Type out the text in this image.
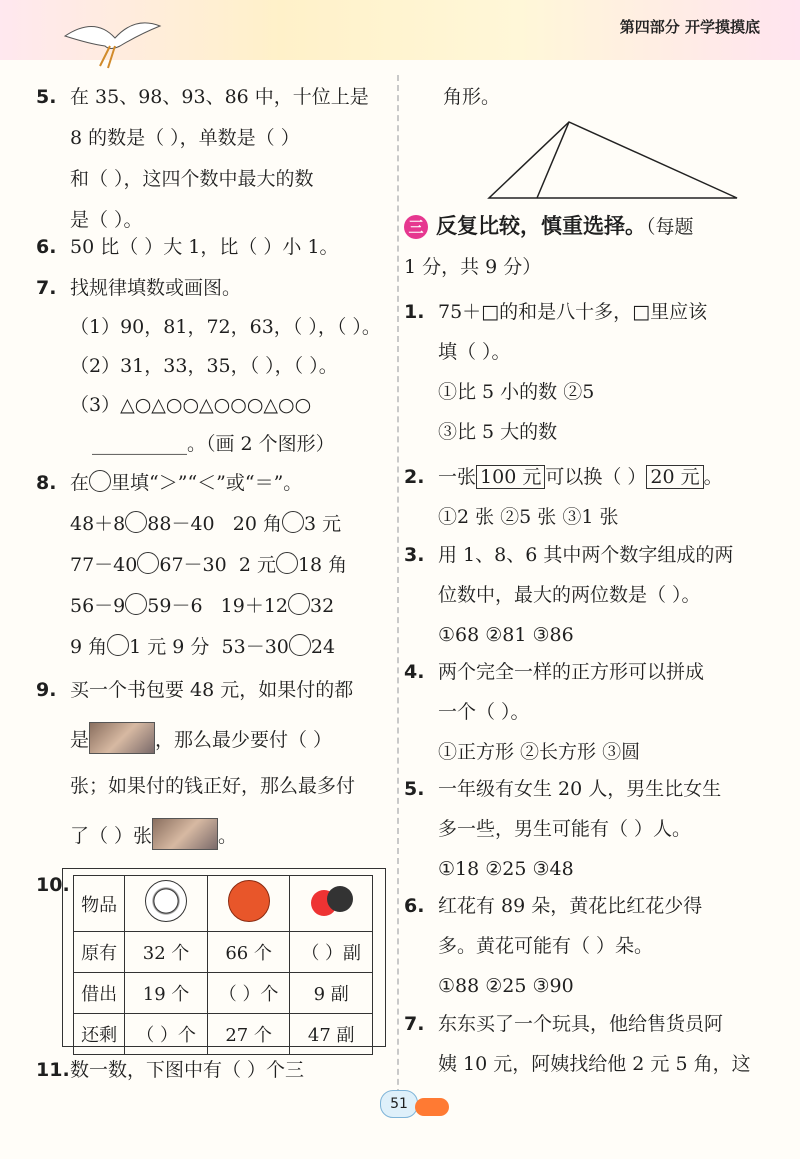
第四部分 开学摸摸底
5. 在 35、98、93、86 中，十位上是
8 的数是（ ），单数是（ ）
和（ ），这四个数中最大的数
是（ ）。
6. 50 比（ ）大 1，比（ ）小 1。
7. 找规律填数或画图。
（1）90，81，72，63，（ ），（ ）。
（2）31，33，35，（ ），（ ）。
（3）△○△○○△○○○△○○
__________。（画 2 个图形）
8. 在 里填“＞”“＜”或“＝”。
48＋8 88－40 20 角 3 元
77－40 67－30 2 元 18 角
56－9 59－6 19＋12 32
9 角 1 元 9 分 53－30 24
9. 买一个书包要 48 元，如果付的都
是	，那么最少要付（ ）
张；如果付的钱正好，那么最多付
了（ ）张	。
10.
物品			

原有	32 个	66 个	（ ）副
借出	19 个	（ ）个	9 副
还剩	（ ）个	27 个	47 副
11.数一数，下图中有（ ）个三
角形。
三 反复比较，慎重选择。（每题
1 分，共 9 分）
1. 75＋□的和是八十多，□里应该
填（ ）。
①比 5 小的数 ②5
③比 5 大的数
2. 一张 100 元 可以换（ ） 20 元 。
①2 张 ②5 张 ③1 张
3. 用 1、8、6 其中两个数字组成的两
位数中，最大的两位数是（ ）。
①68 ②81 ③86
4. 两个完全一样的正方形可以拼成
一个（ ）。
①正方形 ②长方形 ③圆
5. 一年级有女生 20 人，男生比女生
多一些，男生可能有（ ）人。
①18 ②25 ③48
6. 红花有 89 朵，黄花比红花少得
多。黄花可能有（ ）朵。
①88 ②25 ③90
7. 东东买了一个玩具，他给售货员阿
姨 10 元，阿姨找给他 2 元 5 角，这
51
